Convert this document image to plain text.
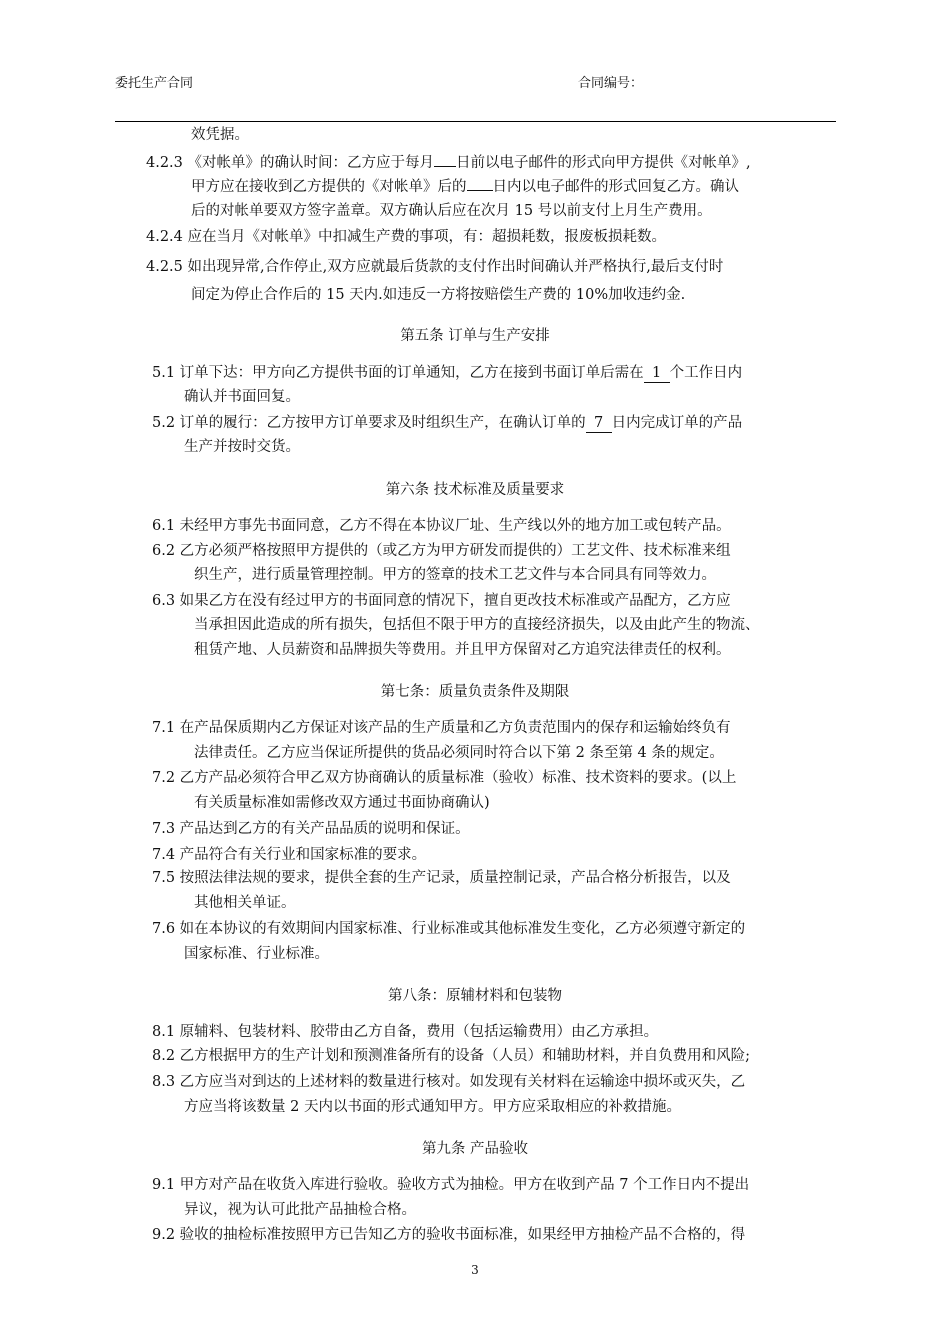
委托生产合同	合同编号：
效凭据。
4.2.3 《对帐单》的确认时间：乙方应于每月 日前以电子邮件的形式向甲方提供《对帐单》,
甲方应在接收到乙方提供的《对帐单》后的 日内以电子邮件的形式回复乙方。确认
后的对帐单要双方签字盖章。双方确认后应在次月 15 号以前支付上月生产费用。
4.2.4 应在当月《对帐单》中扣减生产费的事项，有：超损耗数，报废板损耗数。
4.2.5 如出现异常,合作停止,双方应就最后货款的支付作出时间确认并严格执行,最后支付时
间定为停止合作后的 15 天内.如违反一方将按赔偿生产费的 10%加收违约金.
第五条 订单与生产安排
5.1 订单下达：甲方向乙方提供书面的订单通知，乙方在接到书面订单后需在 1 个工作日内
确认并书面回复。
5.2 订单的履行：乙方按甲方订单要求及时组织生产，在确认订单的 7 日内完成订单的产品
生产并按时交货。
第六条 技术标准及质量要求
6.1 未经甲方事先书面同意，乙方不得在本协议厂址、生产线以外的地方加工或包转产品。
6.2 乙方必须严格按照甲方提供的（或乙方为甲方研发而提供的）工艺文件、技术标准来组
织生产，进行质量管理控制。甲方的签章的技术工艺文件与本合同具有同等效力。
6.3 如果乙方在没有经过甲方的书面同意的情况下，擅自更改技术标准或产品配方，乙方应
当承担因此造成的所有损失，包括但不限于甲方的直接经济损失，以及由此产生的物流、
租赁产地、人员薪资和品牌损失等费用。并且甲方保留对乙方追究法律责任的权利。
第七条：质量负责条件及期限
7.1 在产品保质期内乙方保证对该产品的生产质量和乙方负责范围内的保存和运输始终负有
法律责任。乙方应当保证所提供的货品必须同时符合以下第 2 条至第 4 条的规定。
7.2 乙方产品必须符合甲乙双方协商确认的质量标准（验收）标准、技术资料的要求。(以上
有关质量标准如需修改双方通过书面协商确认)
7.3 产品达到乙方的有关产品品质的说明和保证。
7.4 产品符合有关行业和国家标准的要求。
7.5 按照法律法规的要求，提供全套的生产记录，质量控制记录，产品合格分析报告，以及
其他相关单证。
7.6 如在本协议的有效期间内国家标准、行业标准或其他标准发生变化，乙方必须遵守新定的
国家标准、行业标准。
第八条：原辅材料和包装物
8.1 原辅料、包装材料、胶带由乙方自备，费用（包括运输费用）由乙方承担。
8.2 乙方根据甲方的生产计划和预测准备所有的设备（人员）和辅助材料，并自负费用和风险;
8.3 乙方应当对到达的上述材料的数量进行核对。如发现有关材料在运输途中损坏或灭失，乙
方应当将该数量 2 天内以书面的形式通知甲方。甲方应采取相应的补救措施。
第九条 产品验收
9.1 甲方对产品在收货入库进行验收。验收方式为抽检。甲方在收到产品 7 个工作日内不提出
异议，视为认可此批产品抽检合格。
9.2 验收的抽检标准按照甲方已告知乙方的验收书面标准，如果经甲方抽检产品不合格的，得
3
